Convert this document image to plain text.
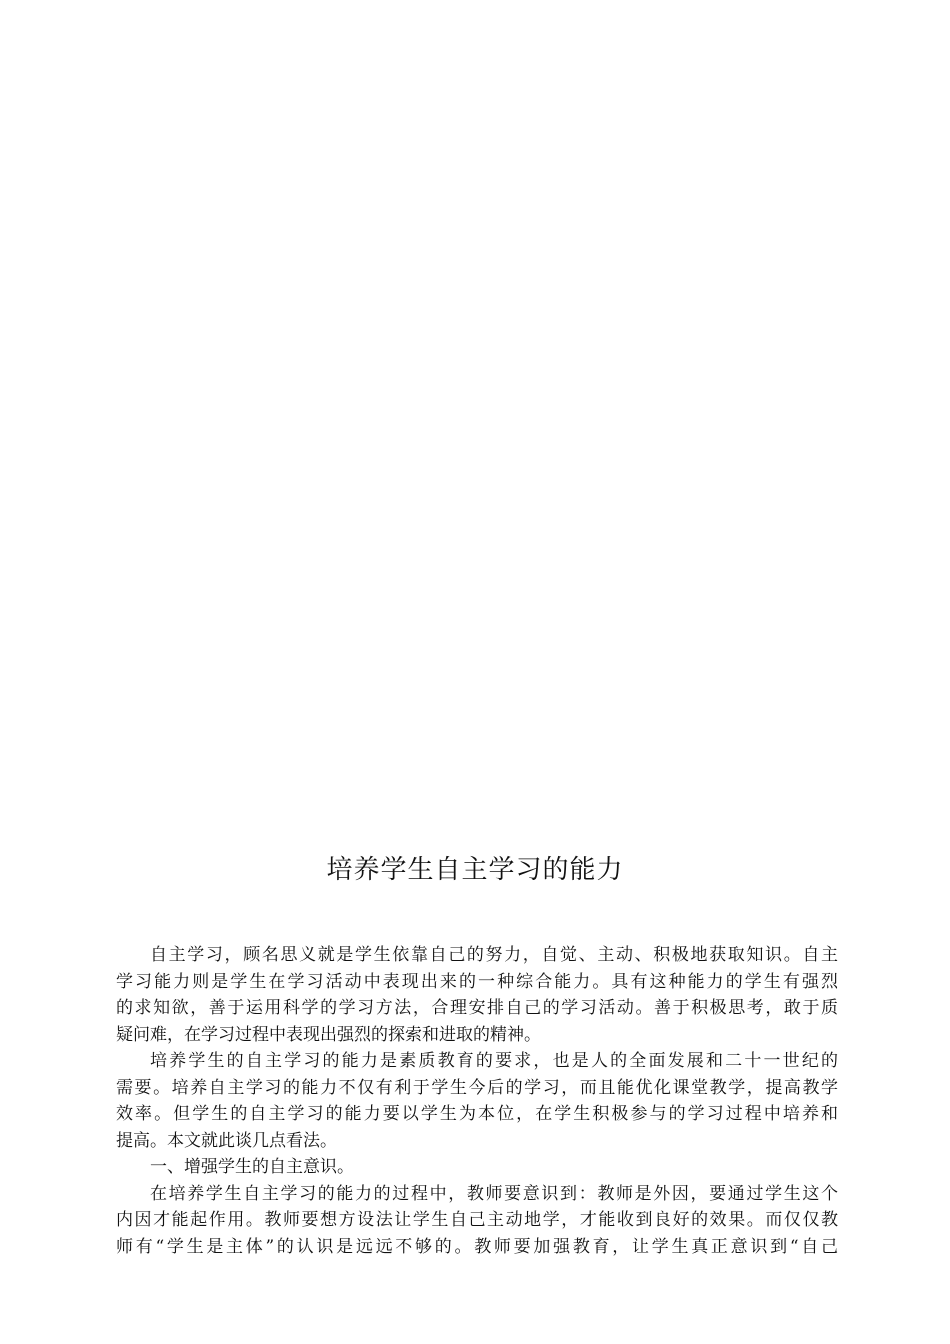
培养学生自主学习的能力
自主学习，顾名思义就是学生依靠自己的努力，自觉、主动、积极地获取知识。自主
学习能力则是学生在学习活动中表现出来的一种综合能力。具有这种能力的学生有强烈
的求知欲，善于运用科学的学习方法，合理安排自己的学习活动。善于积极思考，敢于质
疑问难，在学习过程中表现出强烈的探索和进取的精神。
培养学生的自主学习的能力是素质教育的要求，也是人的全面发展和二十一世纪的
需要。培养自主学习的能力不仅有利于学生今后的学习，而且能优化课堂教学，提高教学
效率。但学生的自主学习的能力要以学生为本位，在学生积极参与的学习过程中培养和
提高。本文就此谈几点看法。
一、增强学生的自主意识。
在培养学生自主学习的能力的过程中，教师要意识到：教师是外因，要通过学生这个
内因才能起作用。教师要想方设法让学生自己主动地学，才能收到良好的效果。而仅仅教
师有“学生是主体”的认识是远远不够的。教师要加强教育，让学生真正意识到“自己
